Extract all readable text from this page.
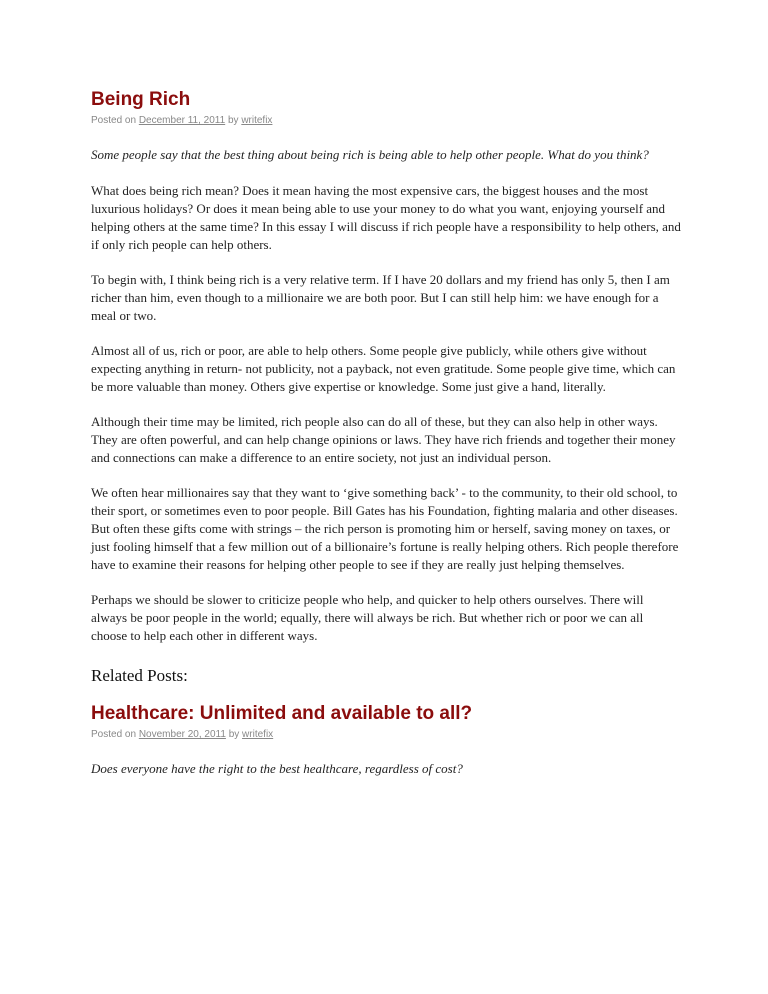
Being Rich

Posted on December 11, 2011 by writefix

Some people say that the best thing about being rich is being able to help other people. What do you think?

What does being rich mean? Does it mean having the most expensive cars, the biggest houses and the most luxurious holidays? Or does it mean being able to use your money to do what you want, enjoying yourself and helping others at the same time? In this essay I will discuss if rich people have a responsibility to help others, and if only rich people can help others.

To begin with, I think being rich is a very relative term. If I have 20 dollars and my friend has only 5, then I am richer than him, even though to a millionaire we are both poor. But I can still help him: we have enough for a meal or two.

Almost all of us, rich or poor, are able to help others. Some people give publicly, while others give without expecting anything in return- not publicity, not a payback, not even gratitude. Some people give time, which can be more valuable than money. Others give expertise or knowledge. Some just give a hand, literally.

Although their time may be limited, rich people also can do all of these, but they can also help in other ways. They are often powerful, and can help change opinions or laws. They have rich friends and together their money and connections can make a difference to an entire society, not just an individual person.

We often hear millionaires say that they want to ‘give something back’ - to the community, to their old school, to their sport, or sometimes even to poor people. Bill Gates has his Foundation, fighting malaria and other diseases. But often these gifts come with strings – the rich person is promoting him or herself, saving money on taxes, or just fooling himself that a few million out of a billionaire’s fortune is really helping others. Rich people therefore have to examine their reasons for helping other people to see if they are really just helping themselves.

Perhaps we should be slower to criticize people who help, and quicker to help others ourselves. There will always be poor people in the world; equally, there will always be rich. But whether rich or poor we can all choose to help each other in different ways.

Related Posts:
Healthcare: Unlimited and available to all?

Posted on November 20, 2011 by writefix

Does everyone have the right to the best healthcare, regardless of cost?
